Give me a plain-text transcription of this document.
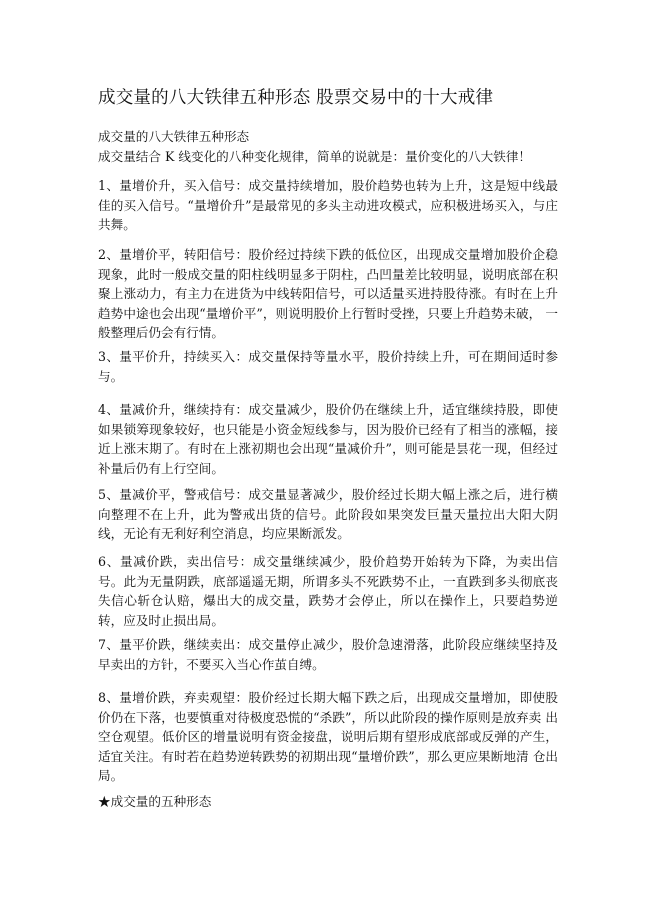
成交量的八大铁律五种形态 股票交易中的十大戒律
成交量的八大铁律五种形态
成交量结合 K 线变化的八种变化规律，简单的说就是：量价变化的八大铁律！
1、量增价升，买入信号：成交量持续增加，股价趋势也转为上升，这是短中线最佳的买入信号。“量增价升”是最常见的多头主动进攻模式，应积极进场买入，与庄共舞。
2、量增价平，转阳信号：股价经过持续下跌的低位区，出现成交量增加股价企稳现象，此时一般成交量的阳柱线明显多于阴柱，凸凹量差比较明显，说明底部在积 聚上涨动力，有主力在进货为中线转阳信号，可以适量买进持股待涨。有时在上升趋势中途也会出现“量增价平”，则说明股价上行暂时受挫，只要上升趋势未破， 一般整理后仍会有行情。
3、量平价升，持续买入：成交量保持等量水平，股价持续上升，可在期间适时参与。
4、量减价升，继续持有：成交量减少，股价仍在继续上升，适宜继续持股，即使如果锁筹现象较好，也只能是小资金短线参与，因为股价已经有了相当的涨幅，接近上涨末期了。有时在上涨初期也会出现“量减价升”，则可能是昙花一现，但经过补量后仍有上行空间。
5、量减价平，警戒信号：成交量显著减少，股价经过长期大幅上涨之后，进行横向整理不在上升，此为警戒出货的信号。此阶段如果突发巨量天量拉出大阳大阴线，无论有无利好利空消息，均应果断派发。
6、量减价跌，卖出信号：成交量继续减少，股价趋势开始转为下降，为卖出信号。此为无量阴跌，底部遥遥无期，所谓多头不死跌势不止，一直跌到多头彻底丧失信心斩仓认赔，爆出大的成交量，跌势才会停止，所以在操作上，只要趋势逆转，应及时止损出局。
7、量平价跌，继续卖出：成交量停止减少，股价急速滑落，此阶段应继续坚持及早卖出的方针，不要买入当心作茧自缚。
8、量增价跌，弃卖观望：股价经过长期大幅下跌之后，出现成交量增加，即使股价仍在下落，也要慎重对待极度恐慌的“杀跌”，所以此阶段的操作原则是放弃卖 出空仓观望。低价区的增量说明有资金接盘，说明后期有望形成底部或反弹的产生，适宜关注。有时若在趋势逆转跌势的初期出现“量增价跌”，那么更应果断地清 仓出局。
★成交量的五种形态
